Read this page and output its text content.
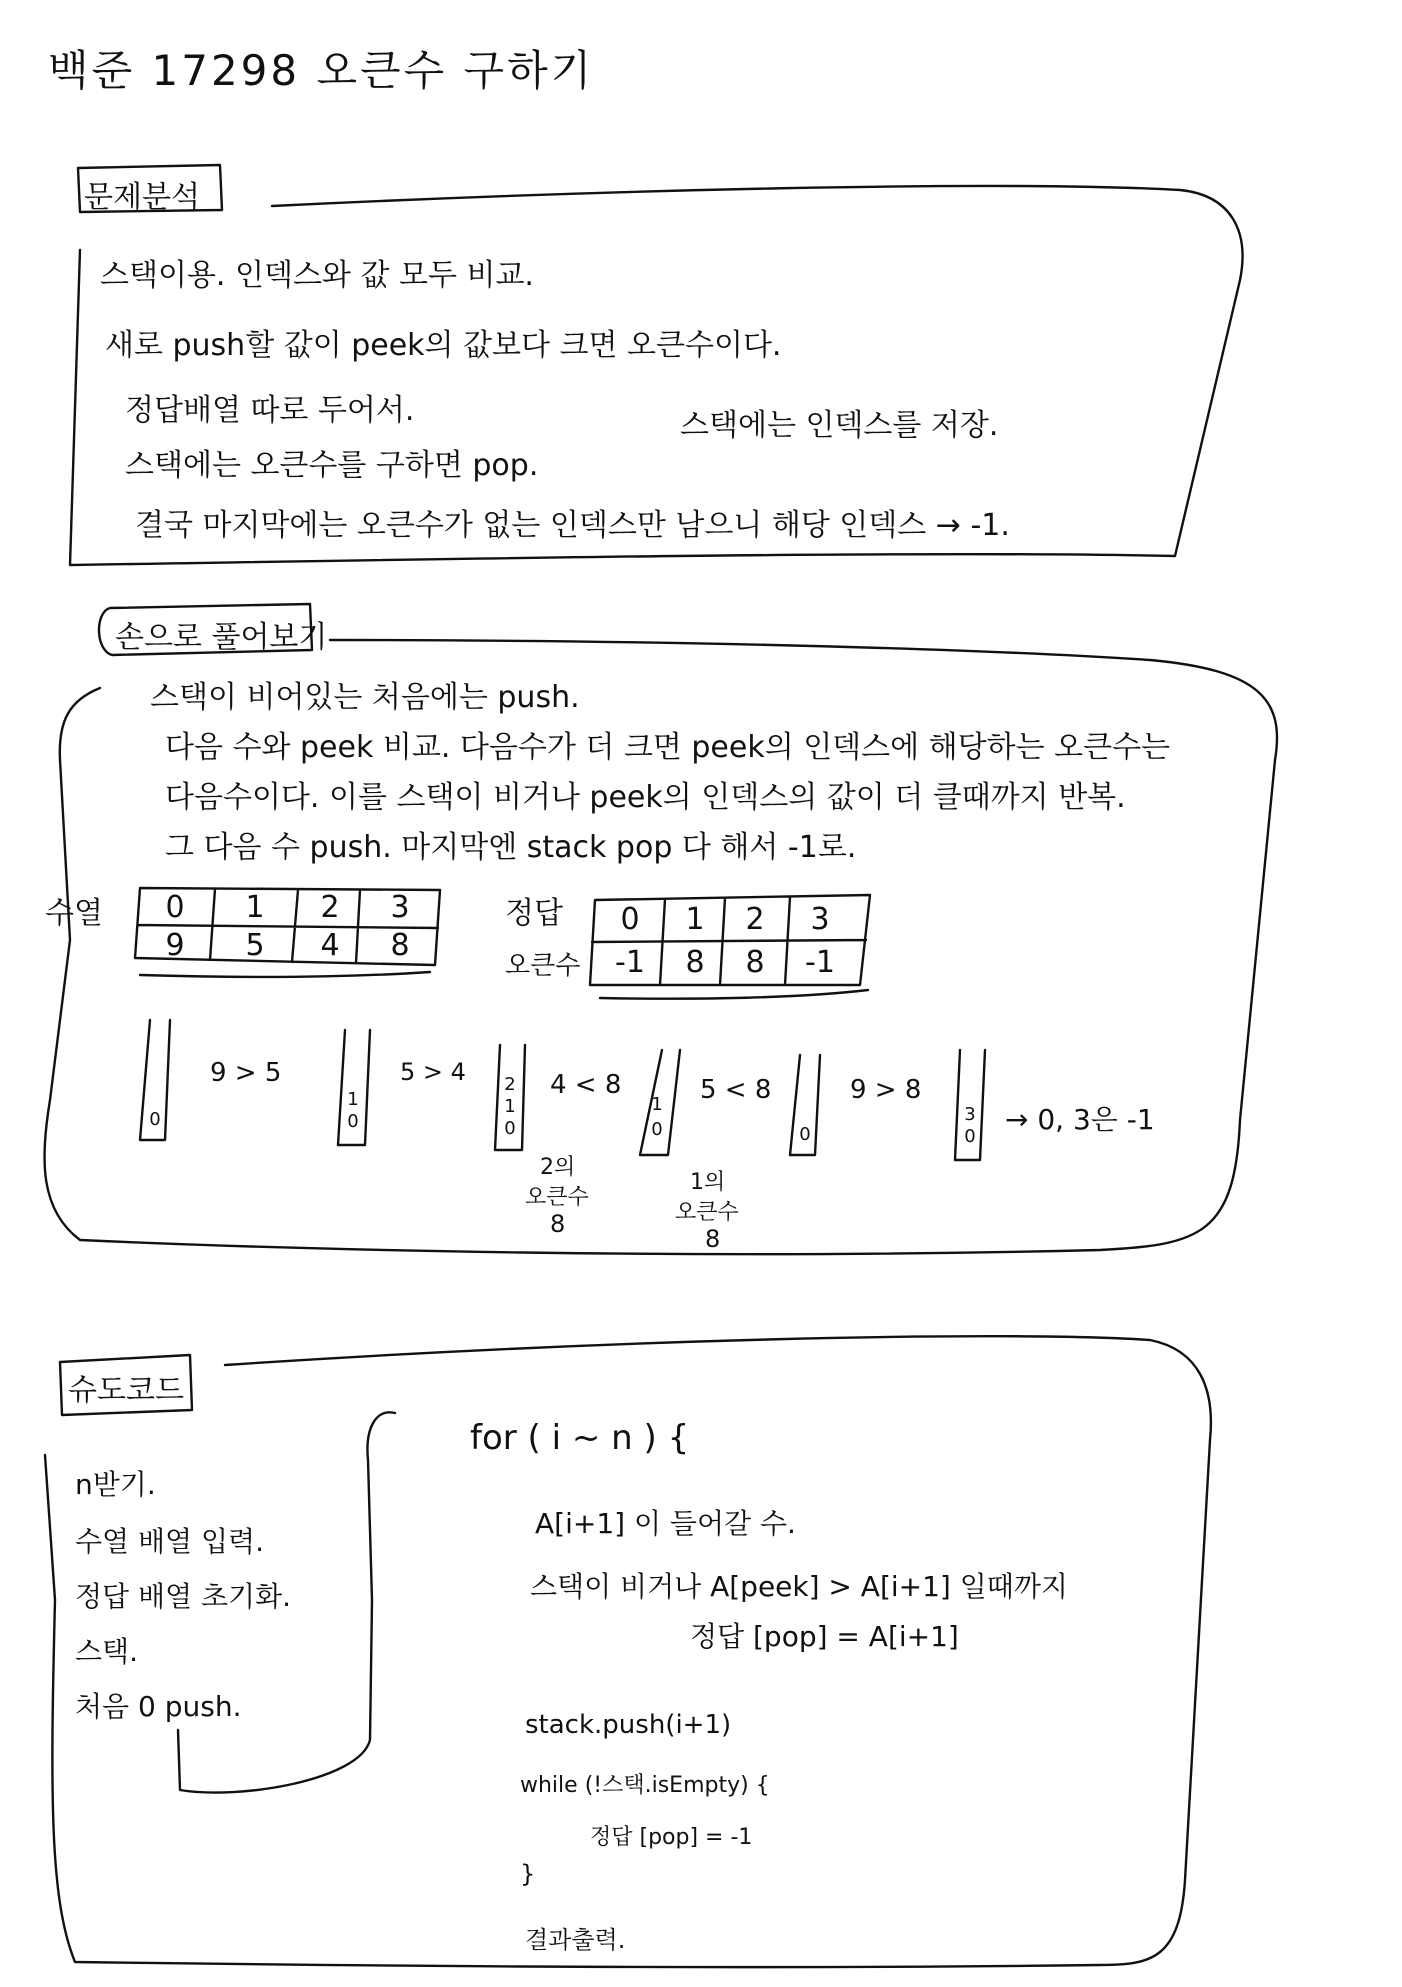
백준 17298 오큰수 구하기
문제분석
스택이용. 인덱스와 값 모두 비교.
새로 push할 값이 peek의 값보다 크면 오큰수이다.
정답배열 따로 두어서.	스택에는 인덱스를 저장.
스택에는 오큰수를 구하면 pop.
결국 마지막에는 오큰수가 없는 인덱스만 남으니 해당 인덱스 → -1.
손으로 풀어보기
스택이 비어있는 처음에는 push.
다음 수와 peek 비교. 다음수가 더 크면 peek의 인덱스에 해당하는 오큰수는
다음수이다. 이를 스택이 비거나 peek의 인덱스의 값이 더 클때까지 반복.
그 다음 수 push. 마지막엔 stack pop 다 해서 -1로.
수열	0	1	2	3
9	5	4	8
정답
오큰수
0	1	2	3
-1	8	8	-1
0
9 > 5
1
0
5 > 4	2
1
0
4 < 8
1
0
5 < 8
0
9 > 8
3
0
→ 0, 3은 -1
2의
오큰수
8
1의
오큰수
8
슈도코드
n받기.
수열 배열 입력.
정답 배열 초기화.
스택.
처음 0 push.
for ( i ~ n ) {
A[i+1] 이 들어갈 수.
스택이 비거나 A[peek] > A[i+1] 일때까지
정답 [pop] = A[i+1]
stack.push(i+1)
while (!스택.isEmpty) {
정답 [pop] = -1
}
결과출력.
